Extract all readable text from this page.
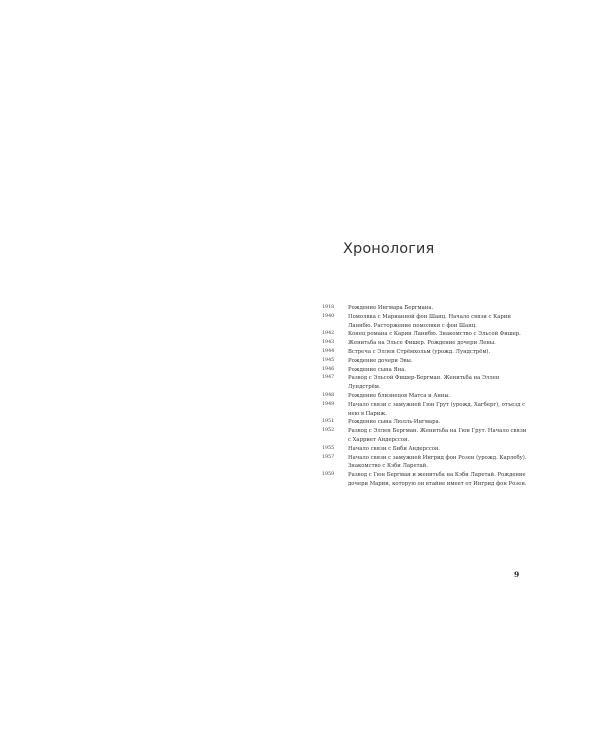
Хронология
1918	Рождение Ингмара Бергмана.
1940	Помолвка с Марианной фон Шанц. Начало связи с Карин Ланнбю. Расторжение помолвки с фон Шанц.
1942	Конец романа с Карин Ланнбю. Знакомство с Эльсой Фишер.
1943	Женитьба на Эльсе Фишер. Рождение дочери Лены.
1944	Встреча с Эллен Стрёмхольм (урожд. Лундстрём).
1945	Рождение дочери Эвы.
1946	Рождение сына Яна.
1947	Развод с Эльсой Фишер-Бергман. Женитьба на Эллен Лундстрём.
1948	Рождение близнецов Матса и Анны.
1949	Начало связи с замужней Гюн Грут (урожд. Хагберг), отъезд с нею в Париж.
1951	Рождение сына Люлль-Ингмара.
1952	Развод с Эллен Бергман. Женитьба на Гюн Грут. Начало связи с Харриет Андерссон.
1955	Начало связи с Биби Андерссон.
1957	Начало связи с замужней Ингрид фон Розен (урожд. Карлебу). Знакомство с Кэби Ларетай.
1959	Развод с Гюн Бергман и женитьба на Кэби Ларетай. Рождение дочери Марии, которую он втайне имеет от Ингрид фон Розен.
9
